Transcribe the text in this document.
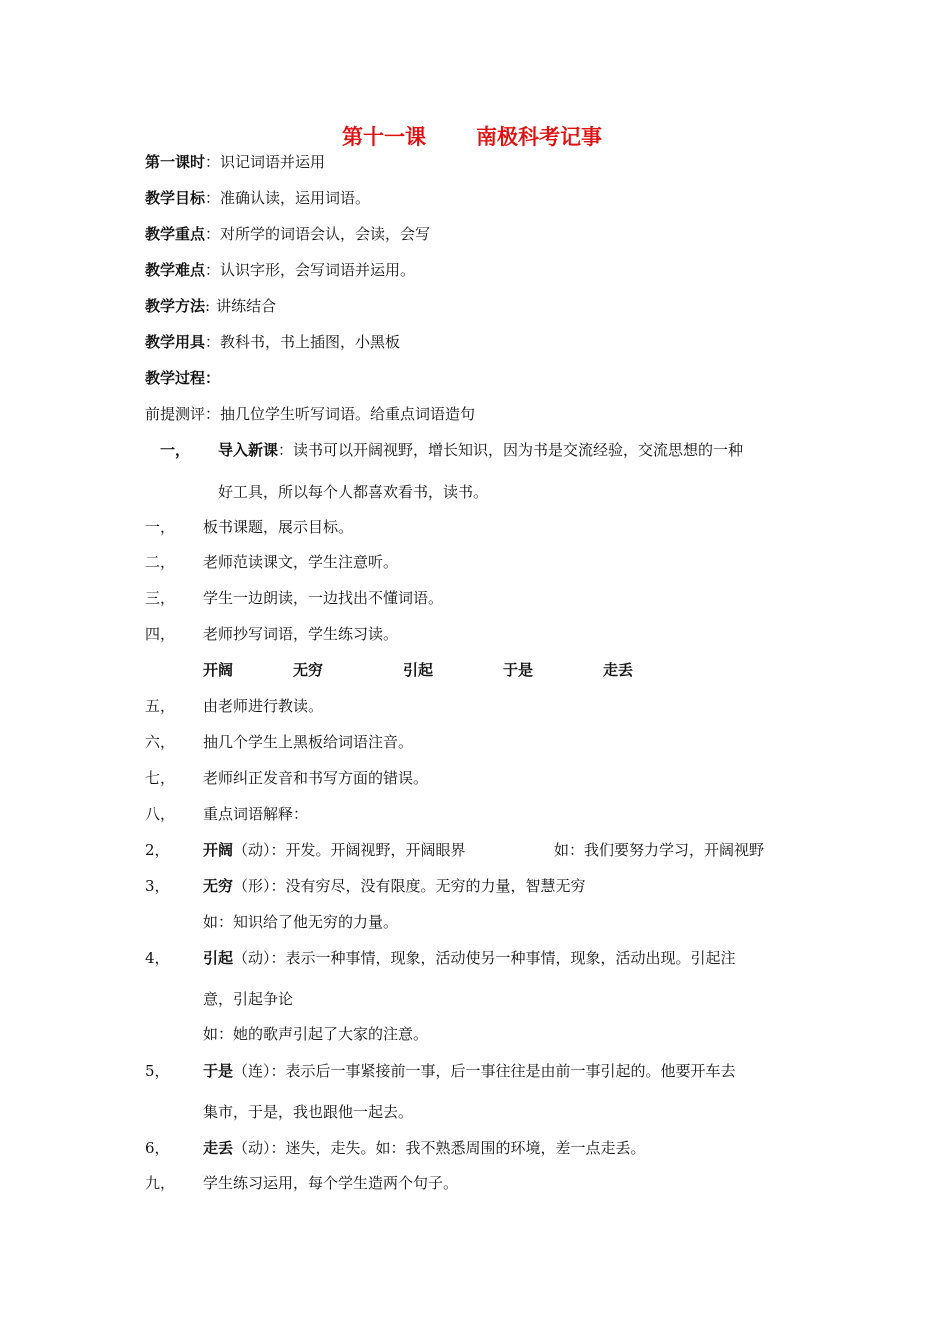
第十一课 南极科考记事
第一课时：识记词语并运用
教学目标：准确认读，运用词语。
教学重点：对所学的词语会认，会读，会写
教学难点：认识字形，会写词语并运用。
教学方法: 讲练结合
教学用具：教科书，书上插图，小黑板
教学过程：
前提测评：抽几位学生听写词语。给重点词语造句
一， 导入新课：读书可以开阔视野，增长知识，因为书是交流经验，交流思想的一种
好工具，所以每个人都喜欢看书，读书。
一， 板书课题，展示目标。
二， 老师范读课文，学生注意听。
三， 学生一边朗读，一边找出不懂词语。
四， 老师抄写词语，学生练习读。
开阔	无穷	引起	于是	走丢
五， 由老师进行教读。
六， 抽几个学生上黑板给词语注音。
七， 老师纠正发音和书写方面的错误。
八， 重点词语解释：
2， 开阔（动）：开发。开阔视野，开阔眼界	如：我们要努力学习，开阔视野
3， 无穷（形）：没有穷尽，没有限度。无穷的力量，智慧无穷
如：知识给了他无穷的力量。
4， 引起（动）：表示一种事情，现象，活动使另一种事情，现象，活动出现。引起注
意，引起争论
如：她的歌声引起了大家的注意。
5， 于是（连）：表示后一事紧接前一事，后一事往往是由前一事引起的。他要开车去
集市，于是，我也跟他一起去。
6， 走丢（动）：迷失，走失。如：我不熟悉周围的环境，差一点走丢。
九， 学生练习运用，每个学生造两个句子。
